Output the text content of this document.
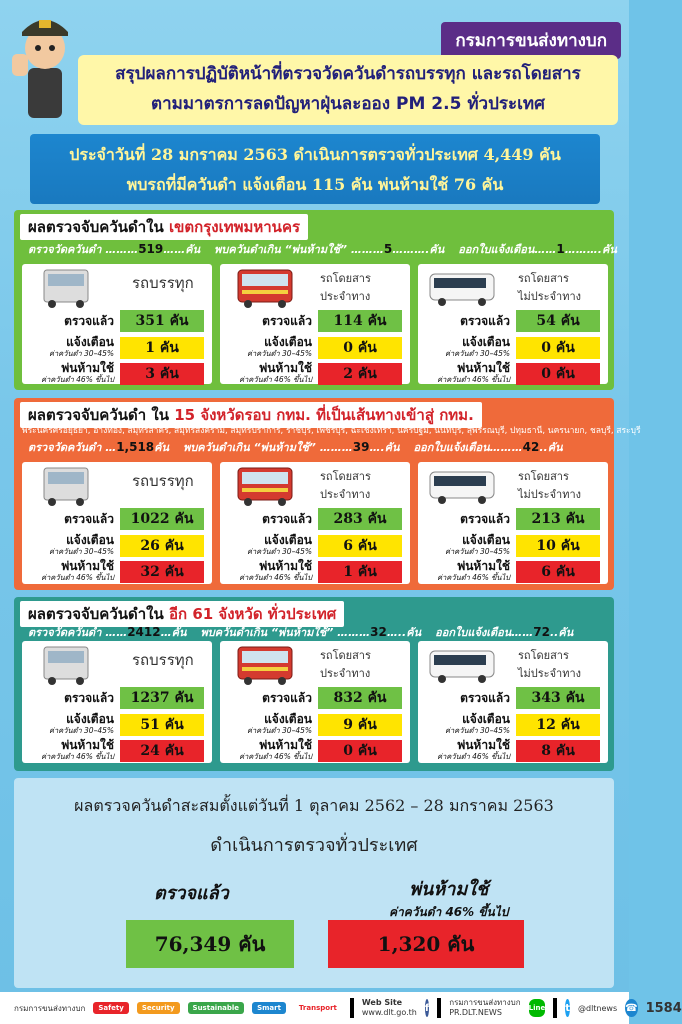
กรมการขนส่งทางบก
สรุปผลการปฏิบัติหน้าที่ตรวจวัดควันดำรถบรรทุก และรถโดยสาร
ตามมาตรการลดปัญหาฝุ่นละออง PM 2.5 ทั่วประเทศ
ประจำวันที่ 28 มกราคม 2563 ดำเนินการตรวจทั่วประเทศ 4,449 คัน
พบรถที่มีควันดำ แจ้งเตือน 115 คัน พ่นห้ามใช้ 76 คัน
ผลตรวจจับควันดำใน เขตกรุงเทพมหานคร
ตรวจวัดควันดำ ………519……คัน พบควันดำเกิน “พ่นห้ามใช้” ………5……….คัน ออกใบแจ้งเตือน……1……….คัน
รถบรรทุก
ตรวจแล้ว	351 คัน
แจ้งเตือน
ค่าควันดำ 30–45%	1 คัน
พ่นห้ามใช้
ค่าควันดำ 46% ขึ้นไป	3 คัน
รถโดยสาร
ประจำทาง
ตรวจแล้ว	114 คัน
แจ้งเตือน
ค่าควันดำ 30–45%	0 คัน
พ่นห้ามใช้
ค่าควันดำ 46% ขึ้นไป	2 คัน
รถโดยสาร
ไม่ประจำทาง
ตรวจแล้ว	54 คัน
แจ้งเตือน
ค่าควันดำ 30–45%	0 คัน
พ่นห้ามใช้
ค่าควันดำ 46% ขึ้นไป	0 คัน
ผลตรวจจับควันดำ ใน 15 จังหวัดรอบ กทม. ที่เป็นเส้นทางเข้าสู่ กทม.
พระนครศรีอยุธยา, อ่างทอง, สมุทรสาคร, สมุทรสงคราม, สมุทรปราการ, ราชบุรี, เพชรบุรี, ฉะเชิงเทรา, นครปฐม, นนทบุรี, สุพรรณบุรี, ปทุมธานี, นครนายก, ชลบุรี, สระบุรี
ตรวจวัดควันดำ …1,518คัน พบควันดำเกิน “พ่นห้ามใช้” ………39….คัน ออกใบแจ้งเตือน………42..คัน
รถบรรทุก
ตรวจแล้ว	1022 คัน
แจ้งเตือน
ค่าควันดำ 30–45%	26 คัน
พ่นห้ามใช้
ค่าควันดำ 46% ขึ้นไป	32 คัน
รถโดยสาร
ประจำทาง
ตรวจแล้ว	283 คัน
แจ้งเตือน
ค่าควันดำ 30–45%	6 คัน
พ่นห้ามใช้
ค่าควันดำ 46% ขึ้นไป	1 คัน
รถโดยสาร
ไม่ประจำทาง
ตรวจแล้ว	213 คัน
แจ้งเตือน
ค่าควันดำ 30–45%	10 คัน
พ่นห้ามใช้
ค่าควันดำ 46% ขึ้นไป	6 คัน
ผลตรวจจับควันดำใน อีก 61 จังหวัด ทั่วประเทศ
ตรวจวัดควันดำ ……2412…คัน พบควันดำเกิน “พ่นห้ามใช้” ………32…..คัน ออกใบแจ้งเตือน……72..คัน
รถบรรทุก
ตรวจแล้ว	1237 คัน
แจ้งเตือน
ค่าควันดำ 30–45%	51 คัน
พ่นห้ามใช้
ค่าควันดำ 46% ขึ้นไป	24 คัน
รถโดยสาร
ประจำทาง
ตรวจแล้ว	832 คัน
แจ้งเตือน
ค่าควันดำ 30–45%	9 คัน
พ่นห้ามใช้
ค่าควันดำ 46% ขึ้นไป	0 คัน
รถโดยสาร
ไม่ประจำทาง
ตรวจแล้ว	343 คัน
แจ้งเตือน
ค่าควันดำ 30–45%	12 คัน
พ่นห้ามใช้
ค่าควันดำ 46% ขึ้นไป	8 คัน
ผลตรวจควันดำสะสมตั้งแต่วันที่ 1 ตุลาคม 2562 – 28 มกราคม 2563
ดำเนินการตรวจทั่วประเทศ
ตรวจแล้ว	พ่นห้ามใช้
ค่าควันดำ 46% ขึ้นไป
76,349 คัน	1,320 คัน
กรมการขนส่งทางบก	Safety	Security	Sustainable	Smart	Transport
Web Site
www.dlt.go.th f	กรมการขนส่งทางบก
PR.DLT.NEWS	Line t @dltnews ☎ 1584
